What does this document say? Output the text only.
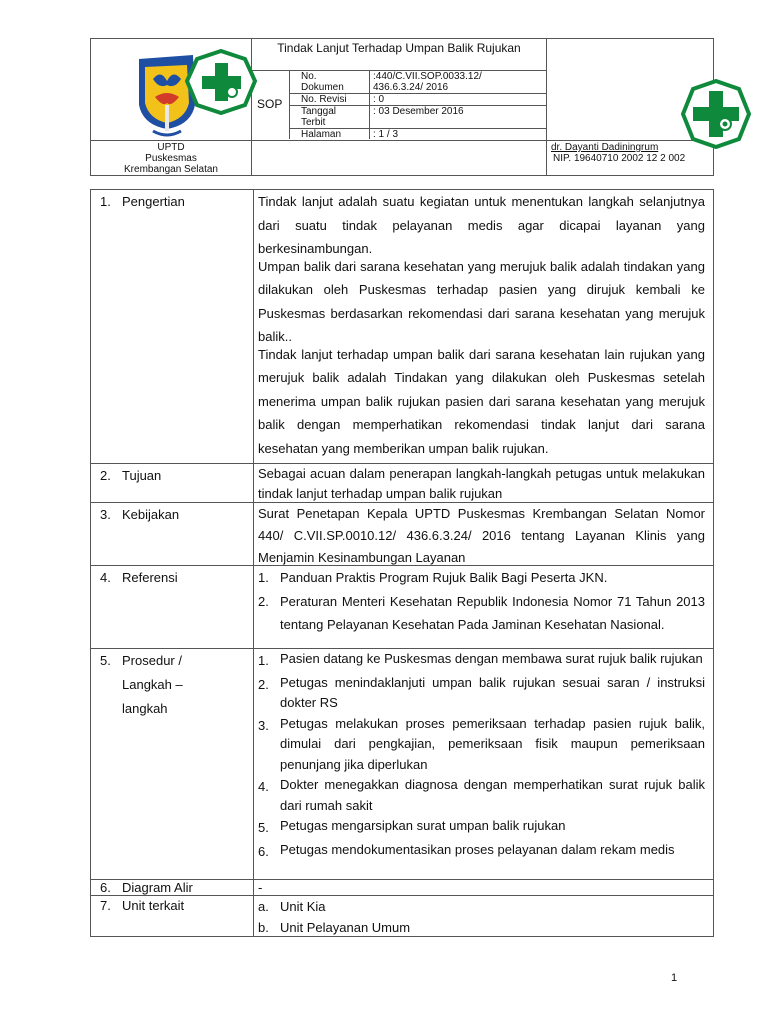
Tindak Lanjut Terhadap Umpan Balik Rujukan
SOP
No. Dokumen
:440/C.VII.SOP.0033.12/ 436.6.3.24/ 2016
No. Revisi	: 0
Tanggal Terbit
: 03 Desember 2016
Halaman	: 1 / 3
UPTD
Puskesmas
Krembangan Selatan
dr. Dayanti Dadiningrum
NIP. 19640710 2002 12 2 002
1. Pengertian	Tindak lanjut adalah suatu kegiatan untuk menentukan langkah selanjutnya dari suatu tindak pelayanan medis agar dicapai layanan yang berkesinambungan.

Umpan balik dari sarana kesehatan yang merujuk balik adalah tindakan yang dilakukan oleh Puskesmas terhadap pasien yang dirujuk kembali ke Puskesmas berdasarkan rekomendasi dari sarana kesehatan yang merujuk balik..

Tindak lanjut terhadap umpan balik dari sarana kesehatan lain rujukan yang merujuk balik adalah Tindakan yang dilakukan oleh Puskesmas setelah menerima umpan balik rujukan pasien dari sarana kesehatan yang merujuk balik dengan memperhatikan rekomendasi tindak lanjut dari sarana kesehatan yang memberikan umpan balik rujukan.

2. Tujuan	Sebagai acuan dalam penerapan langkah-langkah petugas untuk melakukan tindak lanjut terhadap umpan balik rujukan
3. Kebijakan	Surat Penetapan Kepala UPTD Puskesmas Krembangan Selatan Nomor 440/ C.VII.SP.0010.12/ 436.6.3.24/ 2016 tentang Layanan Klinis yang Menjamin Kesinambungan Layanan
4. Referensi	1. Panduan Praktis Program Rujuk Balik Bagi Peserta JKN.
2. Peraturan Menteri Kesehatan Republik Indonesia Nomor 71 Tahun 2013 tentang Pelayanan Kesehatan Pada Jaminan Kesehatan Nasional.
5. Prosedur / Langkah – langkah
1. Pasien datang ke Puskesmas dengan membawa surat rujuk balik rujukan
2. Petugas menindaklanjuti umpan balik rujukan sesuai saran / instruksi dokter RS
3. Petugas melakukan proses pemeriksaan terhadap pasien rujuk balik, dimulai dari pengkajian, pemeriksaan fisik maupun pemeriksaan penunjang jika diperlukan
4. Dokter menegakkan diagnosa dengan memperhatikan surat rujuk balik dari rumah sakit
5. Petugas mengarsipkan surat umpan balik rujukan
6. Petugas mendokumentasikan proses pelayanan dalam rekam medis
6. Diagram Alir	-
7. Unit terkait	a. Unit Kia
b. Unit Pelayanan Umum
1
